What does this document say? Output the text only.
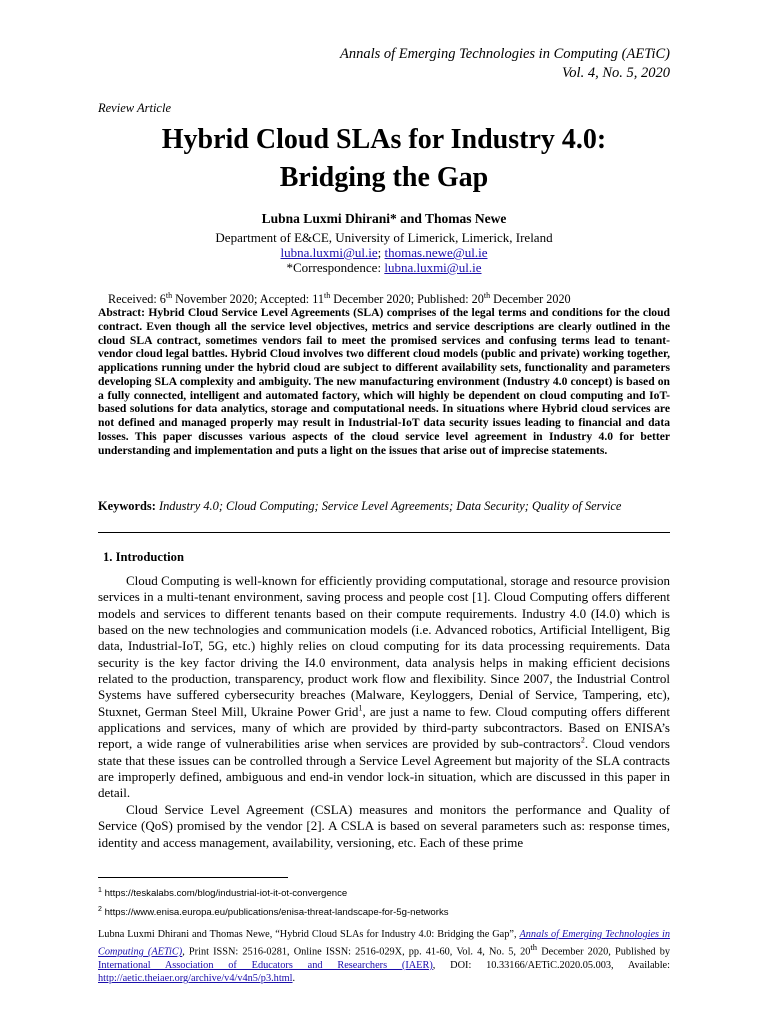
Annals of Emerging Technologies in Computing (AETiC)
Vol. 4, No. 5, 2020
Review Article
Hybrid Cloud SLAs for Industry 4.0:
Bridging the Gap
Lubna Luxmi Dhirani* and Thomas Newe
Department of E&CE, University of Limerick, Limerick, Ireland
lubna.luxmi@ul.ie; thomas.newe@ul.ie
*Correspondence: lubna.luxmi@ul.ie
Received: 6th November 2020; Accepted: 11th December 2020; Published: 20th December 2020

Abstract: Hybrid Cloud Service Level Agreements (SLA) comprises of the legal terms and conditions for the cloud contract. Even though all the service level objectives, metrics and service descriptions are clearly outlined in the cloud SLA contract, sometimes vendors fail to meet the promised services and confusing terms lead to tenant-vendor cloud legal battles. Hybrid Cloud involves two different cloud models (public and private) working together, applications running under the hybrid cloud are subject to different availability sets, functionality and parameters developing SLA complexity and ambiguity. The new manufacturing environment (Industry 4.0 concept) is based on a fully connected, intelligent and automated factory, which will highly be dependent on cloud computing and IoT-based solutions for data analytics, storage and computational needs. In situations where Hybrid cloud services are not defined and managed properly may result in Industrial-IoT data security issues leading to financial and data losses. This paper discusses various aspects of the cloud service level agreement in Industry 4.0 for better understanding and implementation and puts a light on the issues that arise out of imprecise statements.

Keywords: Industry 4.0; Cloud Computing; Service Level Agreements; Data Security; Quality of Service
1. Introduction

Cloud Computing is well-known for efficiently providing computational, storage and resource provision services in a multi-tenant environment, saving process and people cost [1]. Cloud Computing offers different models and services to different tenants based on their compute requirements. Industry 4.0 (I4.0) which is based on the new technologies and communication models (i.e. Advanced robotics, Artificial Intelligent, Big data, Industrial-IoT, 5G, etc.) highly relies on cloud computing for its data processing requirements. Data security is the key factor driving the I4.0 environment, data analysis helps in making efficient decisions related to the production, transparency, product work flow and flexibility. Since 2007, the Industrial Control Systems have suffered cybersecurity breaches (Malware, Keyloggers, Denial of Service, Tampering, etc), Stuxnet, German Steel Mill, Ukraine Power Grid$^1$, are just a name to few. Cloud computing offers different applications and services, many of which are provided by third-party subcontractors. Based on ENISA’s report, a wide range of vulnerabilities arise when services are provided by sub-contractors$^2$. Cloud vendors state that these issues can be controlled through a Service Level Agreement but majority of the SLA contracts are improperly defined, ambiguous and end-in vendor lock-in situation, which are discussed in this paper in detail.

Cloud Service Level Agreement (CSLA) measures and monitors the performance and Quality of Service (QoS) promised by the vendor [2]. A CSLA is based on several parameters such as: response times, identity and access management, availability, versioning, etc. Each of these prime

$^1$ https://teskalabs.com/blog/industrial-iot-it-ot-convergence
$^2$ https://www.enisa.europa.eu/publications/enisa-threat-landscape-for-5g-networks
Lubna Luxmi Dhirani and Thomas Newe, “Hybrid Cloud SLAs for Industry 4.0: Bridging the Gap”, Annals of Emerging Technologies in Computing (AETiC), Print ISSN: 2516-0281, Online ISSN: 2516-029X, pp. 41-60, Vol. 4, No. 5, 20th December 2020, Published by International Association of Educators and Researchers (IAER), DOI: 10.33166/AETiC.2020.05.003, Available: http://aetic.theiaer.org/archive/v4/v4n5/p3.html.
